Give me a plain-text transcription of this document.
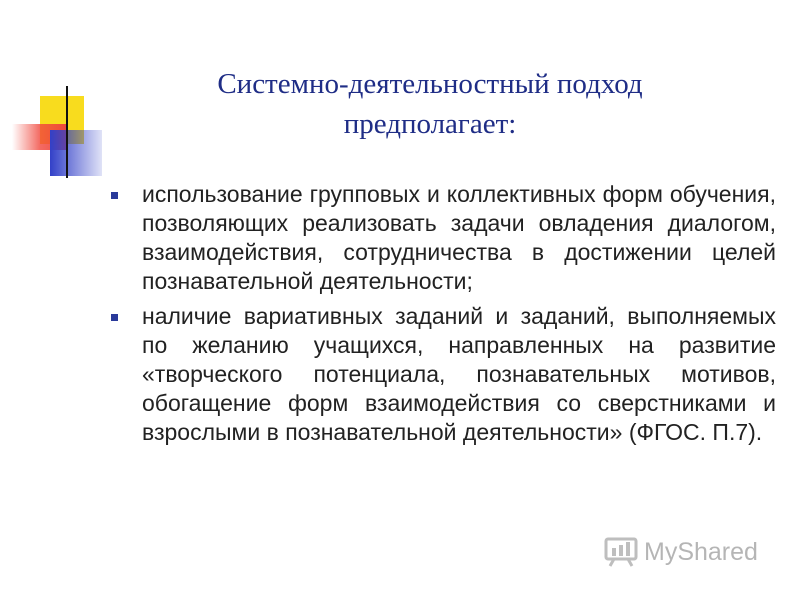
Системно-деятельностный подход
предполагает:
использование групповых и коллективных форм обучения, позволяющих реализовать задачи овладения диалогом, взаимодействия, сотрудничества в достижении целей познавательной деятельности;
наличие вариативных заданий и заданий, выполняемых по желанию учащихся, направленных на развитие «творческого потенциала, познавательных мотивов, обогащение форм взаимодействия со сверстниками и взрослыми в познавательной деятельности» (ФГОС. П.7).
MyShared
